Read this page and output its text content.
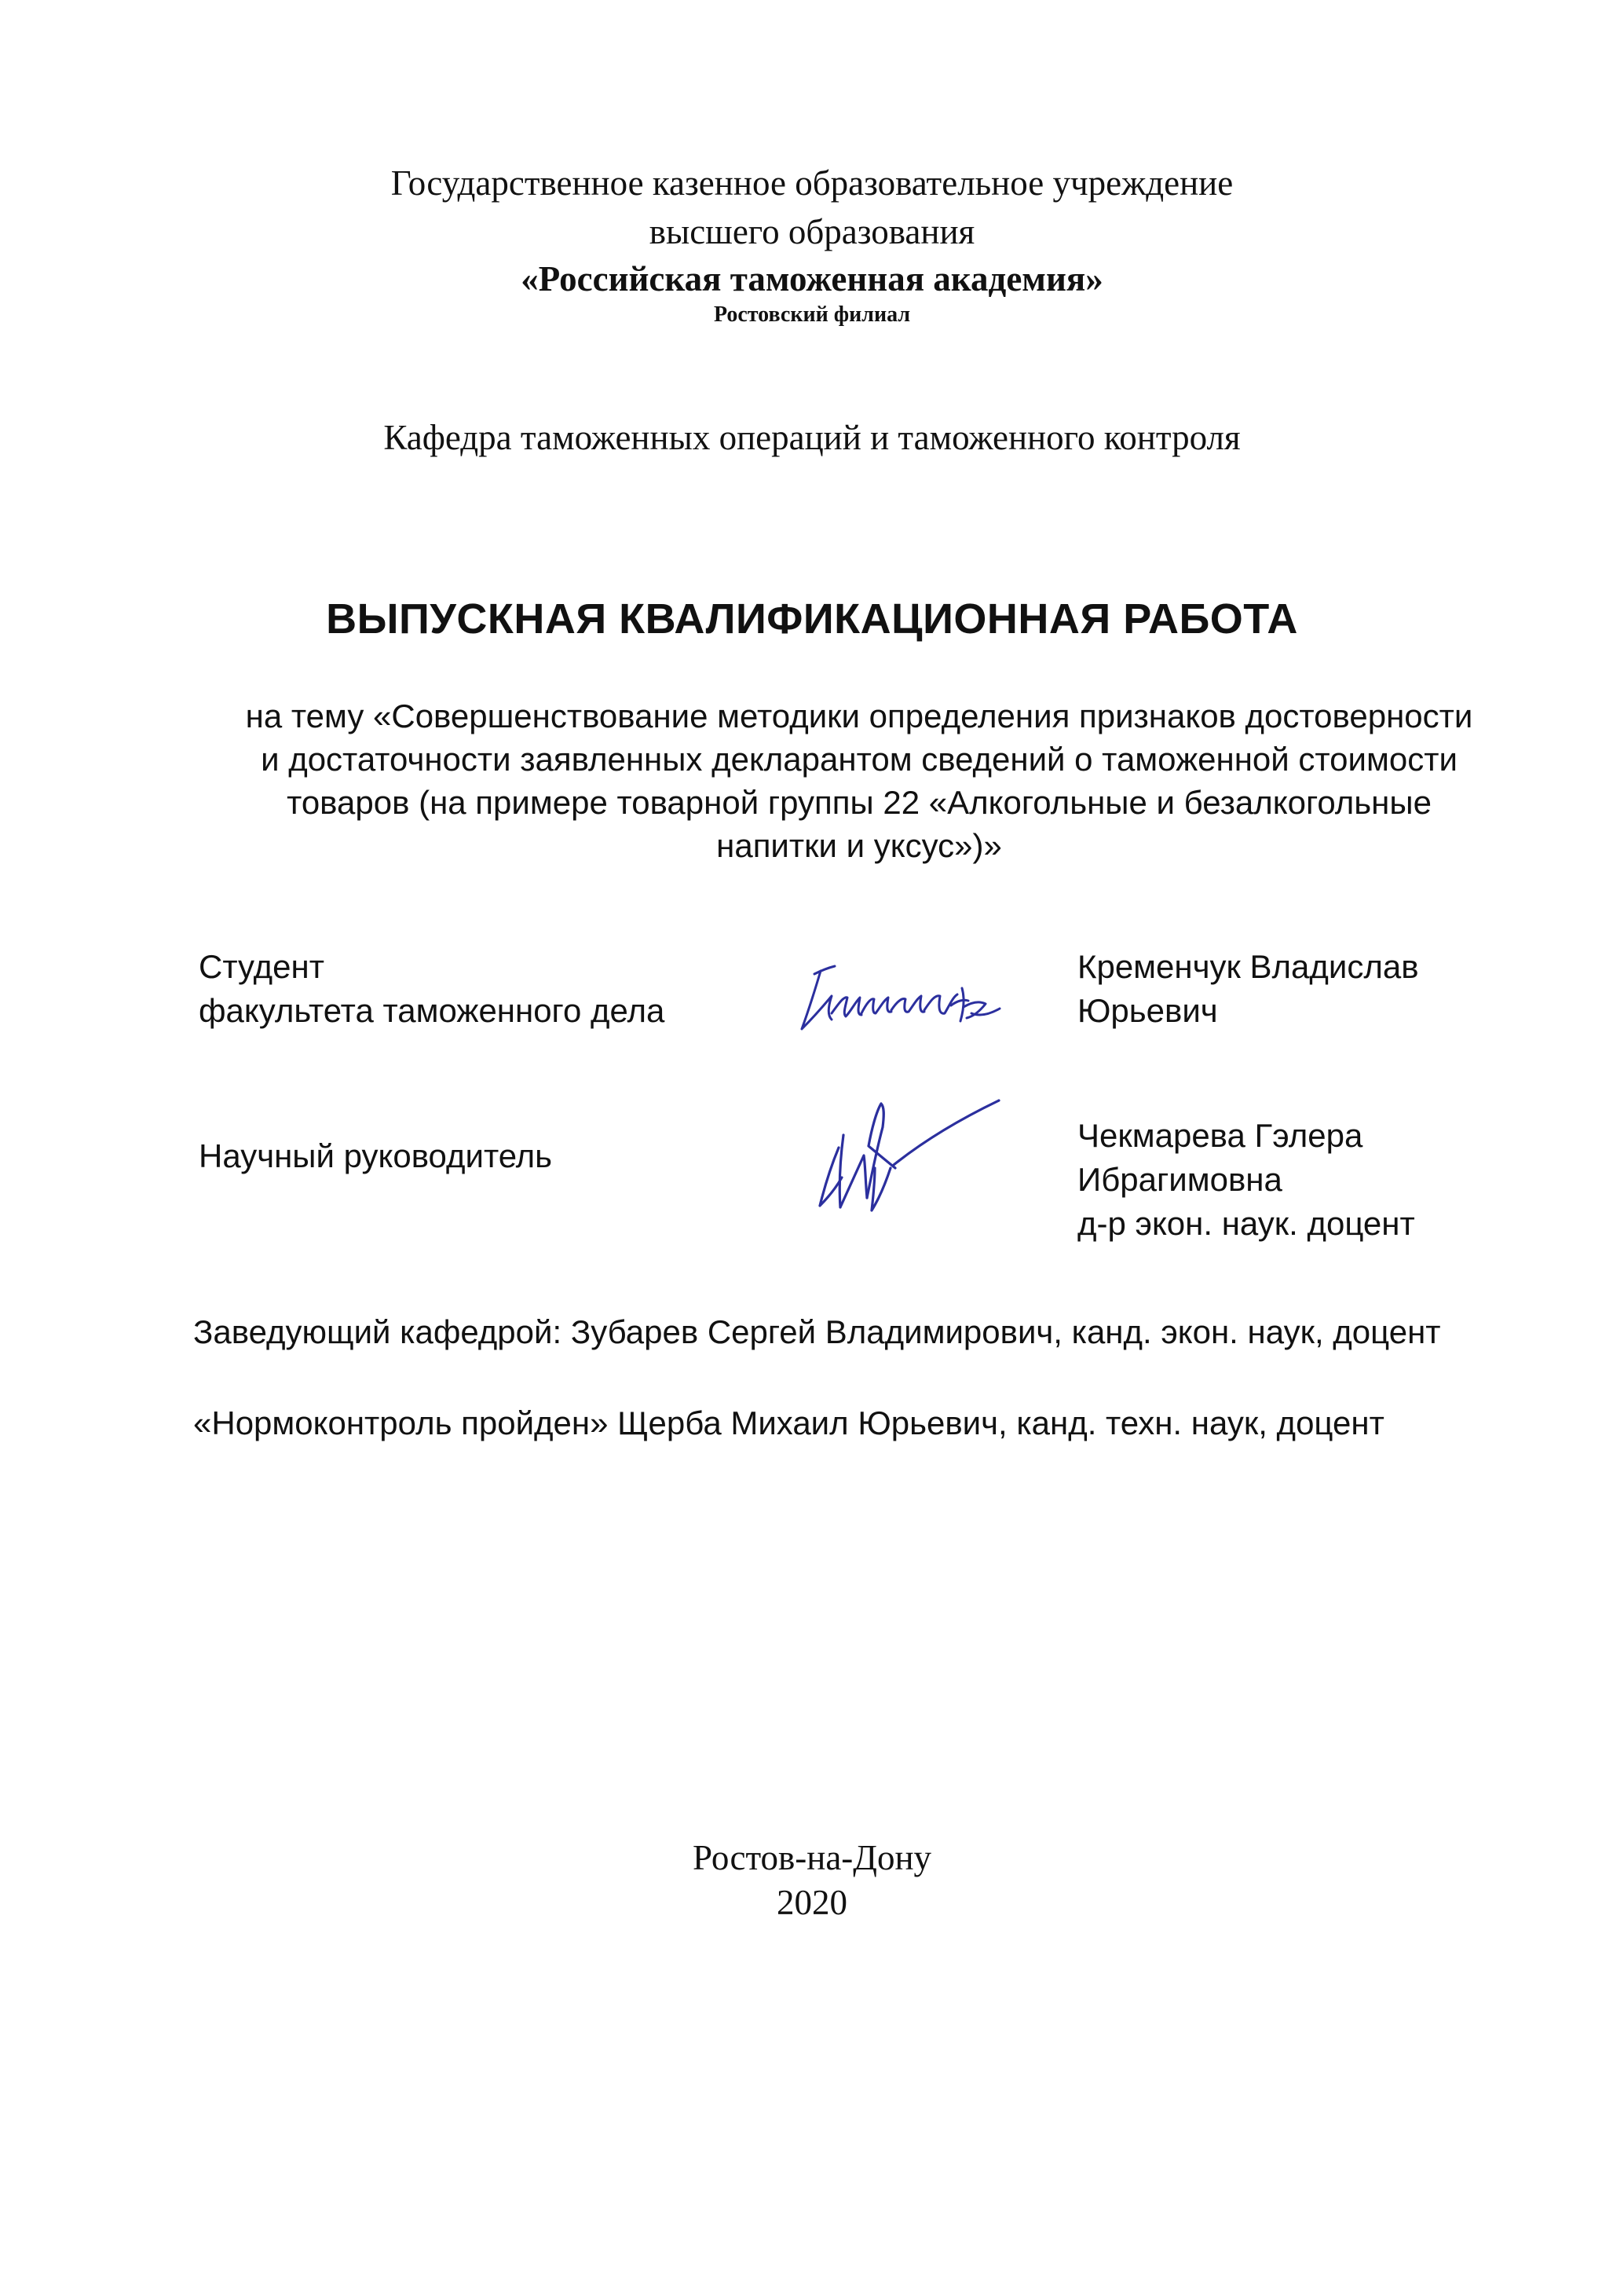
Государственное казенное образовательное учреждение
высшего образования
«Российская таможенная академия»
Ростовский филиал
Кафедра таможенных операций и таможенного контроля
ВЫПУСКНАЯ КВАЛИФИКАЦИОННАЯ РАБОТА
на тему «Совершенствование методики определения признаков достоверности
и достаточности заявленных декларантом сведений о таможенной стоимости
товаров (на примере товарной группы 22 «Алкогольные и безалкогольные
напитки и уксус»)»
Студент
факультета таможенного дела
Кременчук Владислав
Юрьевич
Научный руководитель
Чекмарева Гэлера
Ибрагимовна
д-р экон. наук. доцент
Заведующий кафедрой: Зубарев Сергей Владимирович, канд. экон. наук, доцент
«Нормоконтроль пройден» Щерба Михаил Юрьевич, канд. техн. наук, доцент
Ростов-на-Дону
2020
